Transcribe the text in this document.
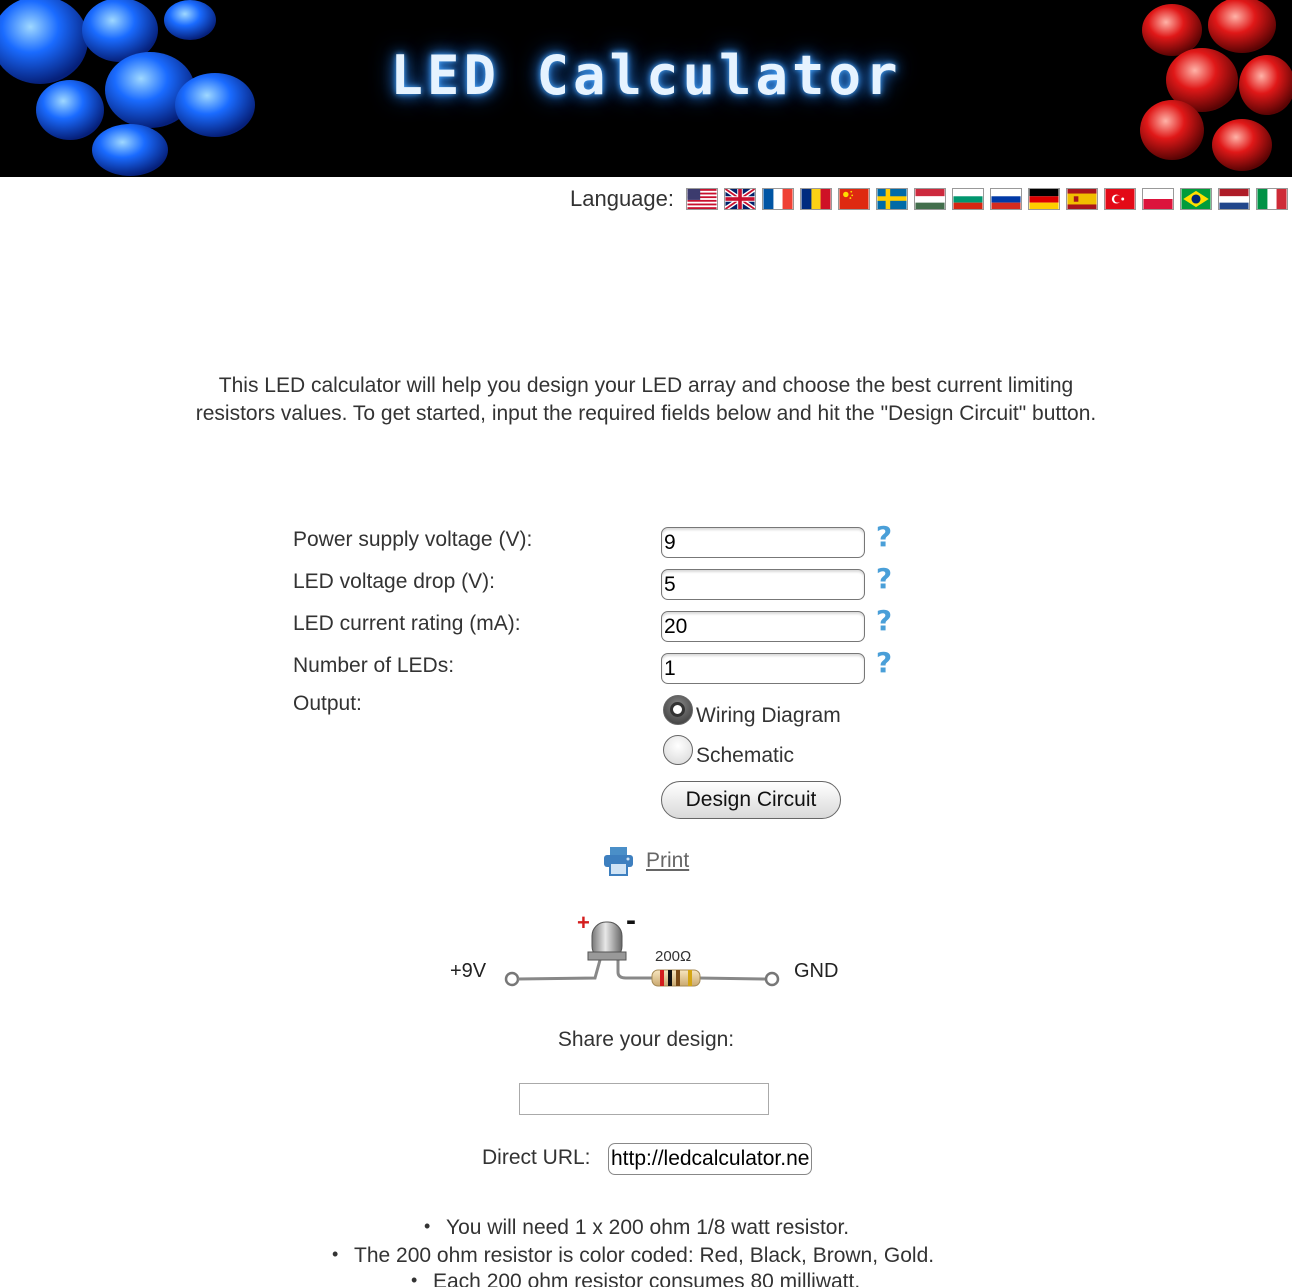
LED Calculator
Language:
This LED calculator will help you design your LED array and choose the best current limiting resistors values. To get started, input the required fields below and hit the "Design Circuit" button.
Power supply voltage (V):
9	?
LED voltage drop (V):
5	?
LED current rating (mA):
20	?
Number of LEDs:
1	?
Output:
Wiring Diagram
Schematic
Design Circuit
Print
+9V	GND
200Ω
+ -
Share your design:
Direct URL:
http://ledcalculator.net/
• You will need 1 x 200 ohm 1/8 watt resistor.
• The 200 ohm resistor is color coded: Red, Black, Brown, Gold.
• Each 200 ohm resistor consumes 80 milliwatt.
